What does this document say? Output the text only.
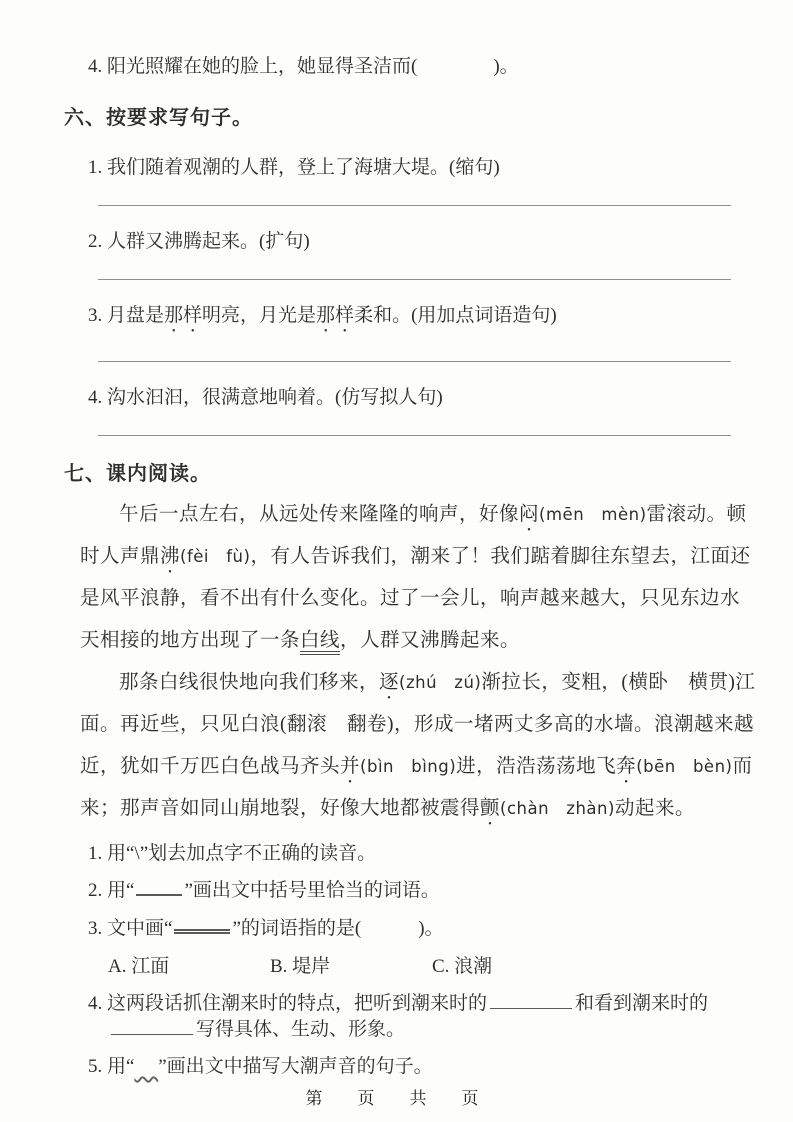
4. 阳光照耀在她的脸上，她显得圣洁而(　　　　)。
六、按要求写句子。
1. 我们随着观潮的人群，登上了海塘大堤。(缩句)
2. 人群又沸腾起来。(扩句)
3. 月盘是那样明亮，月光是那样柔和。(用加点词语造句)
4. 沟水汩汩，很满意地响着。(仿写拟人句)
七、课内阅读。

午后一点左右，从远处传来隆隆的响声，好像闷(mēn   mèn)雷滚动。顿时人声鼎沸(fèi   fù)，有人告诉我们，潮来了！我们踮着脚往东望去，江面还是风平浪静，看不出有什么变化。过了一会儿，响声越来越大，只见东边水天相接的地方出现了一条白线，人群又沸腾起来。

那条白线很快地向我们移来，逐(zhú   zú)渐拉长，变粗，(横卧　横贯)江面。再近些，只见白浪(翻滚　翻卷)，形成一堵两丈多高的水墙。浪潮越来越近，犹如千万匹白色战马齐头并(bìn   bìng)进，浩浩荡荡地飞奔(bēn   bèn)而来；那声音如同山崩地裂，好像大地都被震得颤(chàn   zhàn)动起来。

1. 用“\”划去加点字不正确的读音。
2. 用“	”画出文中括号里恰当的词语。
3. 文中画“	”的词语指的是(　　　)。
A. 江面	B. 堤岸	C. 浪潮
4. 这两段话抓住潮来时的特点，把听到潮来时的	和看到潮来时的写得具体、生动、形象。
5. 用“ ”画出文中描写大潮声音的句子。
第　页　共　页
